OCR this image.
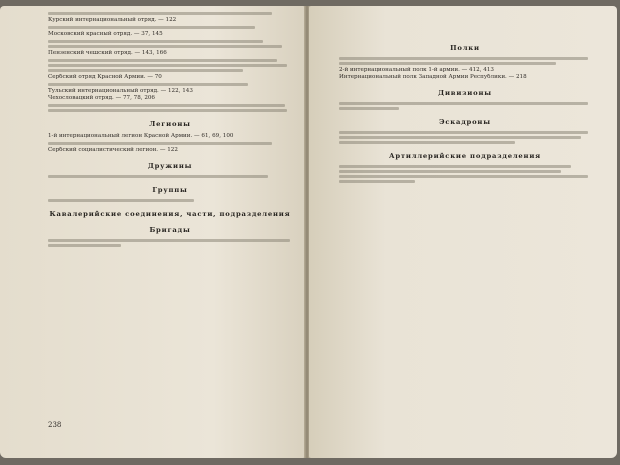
Курский интернациональный отряд. — 122
Московский красный отряд. — 37, 145
Пензенский чешский отряд. — 143, 166
Сербский отряд Красной Армии. — 70
Тульский интернациональный отряд. — 122, 143
Чехословацкий отряд. — 77, 78, 206
Легионы
1-й интернациональный легион Красной Армии. — 61, 69, 100
Сербский социалистический легион. — 122
Дружины
Группы
Кавалерийские соединения, части, подразделения
Бригады
238
Полки
2-й интернациональный полк 1-й армии. — 412, 413
Интернациональный полк Западной Армии Республики. — 218
Дивизионы
Эскадроны
Артиллерийские подразделения
